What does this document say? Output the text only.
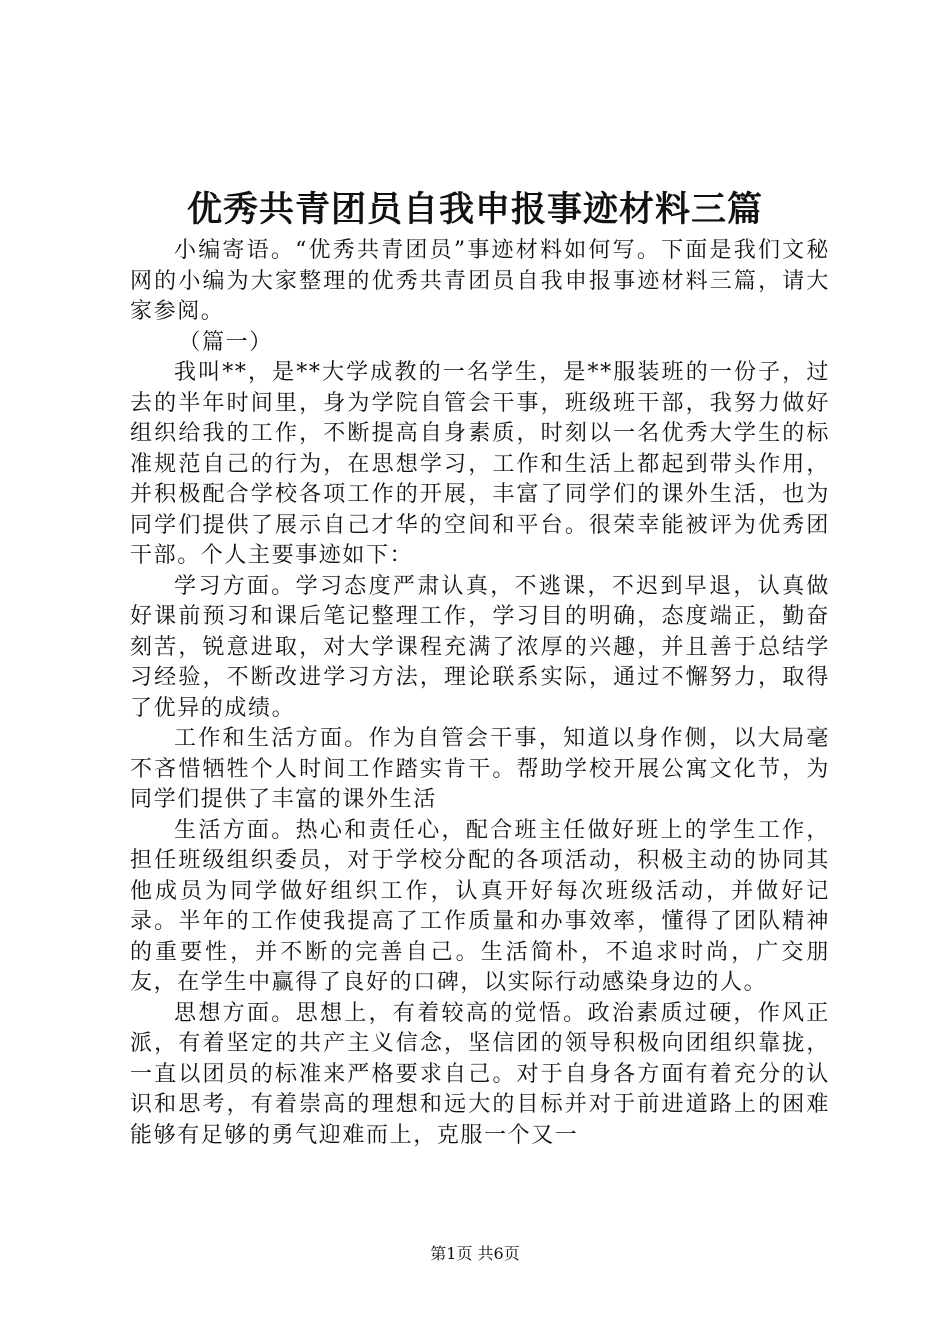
优秀共青团员自我申报事迹材料三篇

小编寄语。“优秀共青团员”事迹材料如何写。下面是我们文秘网的小编为大家整理的优秀共青团员自我申报事迹材料三篇，请大家参阅。

（篇一）

我叫**，是**大学成教的一名学生，是**服装班的一份子，过去的半年时间里，身为学院自管会干事，班级班干部，我努力做好组织给我的工作，不断提高自身素质，时刻以一名优秀大学生的标准规范自己的行为，在思想学习，工作和生活上都起到带头作用，并积极配合学校各项工作的开展，丰富了同学们的课外生活，也为同学们提供了展示自己才华的空间和平台。很荣幸能被评为优秀团干部。个人主要事迹如下：

学习方面。学习态度严肃认真，不逃课，不迟到早退，认真做好课前预习和课后笔记整理工作，学习目的明确，态度端正，勤奋刻苦，锐意进取，对大学课程充满了浓厚的兴趣，并且善于总结学习经验，不断改进学习方法，理论联系实际，通过不懈努力，取得了优异的成绩。

工作和生活方面。作为自管会干事，知道以身作侧，以大局毫不吝惜牺牲个人时间工作踏实肯干。帮助学校开展公寓文化节，为同学们提供了丰富的课外生活

生活方面。热心和责任心，配合班主任做好班上的学生工作，担任班级组织委员，对于学校分配的各项活动，积极主动的协同其他成员为同学做好组织工作，认真开好每次班级活动，并做好记录。半年的工作使我提高了工作质量和办事效率，懂得了团队精神的重要性，并不断的完善自己。生活简朴，不追求时尚，广交朋友，在学生中赢得了良好的口碑，以实际行动感染身边的人。

思想方面。思想上，有着较高的觉悟。政治素质过硬，作风正派，有着坚定的共产主义信念，坚信团的领导积极向团组织靠拢，一直以团员的标准来严格要求自己。对于自身各方面有着充分的认识和思考，有着崇高的理想和远大的目标并对于前进道路上的困难能够有足够的勇气迎难而上，克服一个又一

第1页 共6页
